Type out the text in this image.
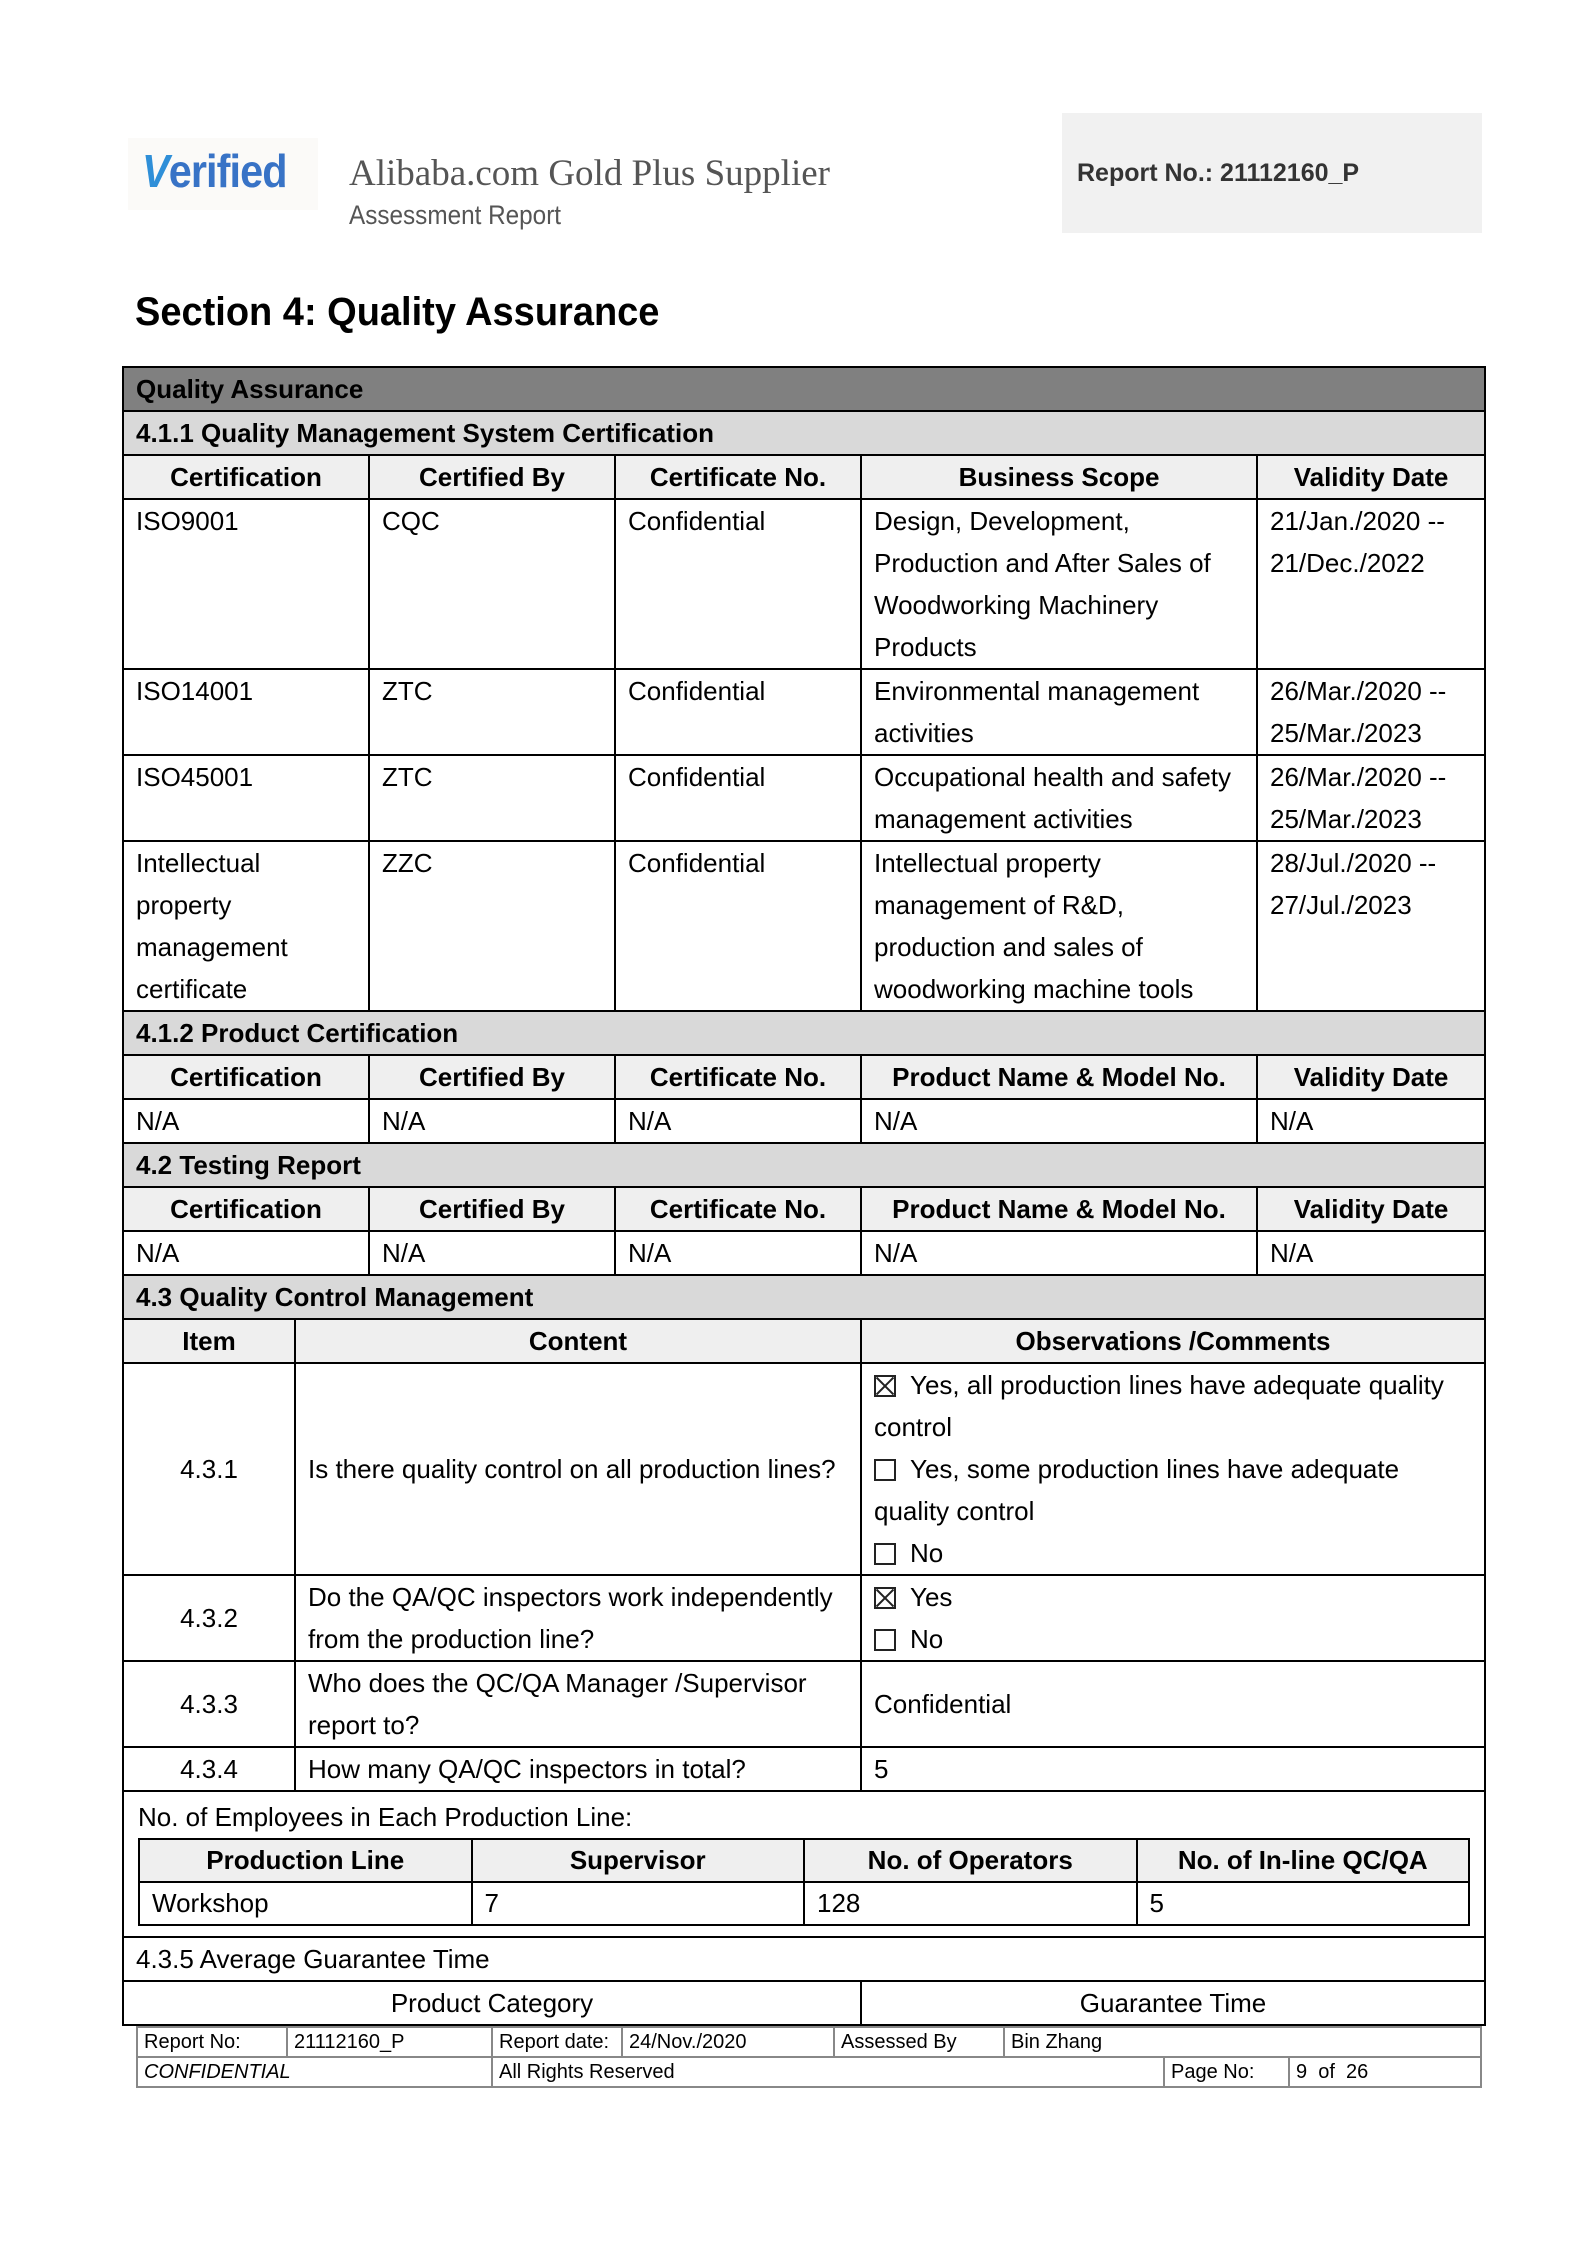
Verified Alibaba.com Gold Plus Supplier
Assessment Report
Report No.: 21112160_P
Section 4: Quality Assurance
Quality Assurance
4.1.1 Quality Management System Certification
Certification	Certified By	Certificate No.	Business Scope	Validity Date
ISO9001	CQC	Confidential	Design, Development, Production and After Sales of Woodworking Machinery Products	21/Jan./2020 -- 21/Dec./2022
ISO14001	ZTC	Confidential	Environmental management activities	26/Mar./2020 -- 25/Mar./2023
ISO45001	ZTC	Confidential	Occupational health and safety management activities	26/Mar./2020 -- 25/Mar./2023
Intellectual property management certificate	ZZC	Confidential	Intellectual property management of R&D, production and sales of woodworking machine tools	28/Jul./2020 -- 27/Jul./2023
4.1.2 Product Certification
Certification	Certified By	Certificate No.	Product Name & Model No.	Validity Date
N/A	N/A	N/A	N/A	N/A
4.2 Testing Report
Certification	Certified By	Certificate No.	Product Name & Model No.	Validity Date
N/A	N/A	N/A	N/A	N/A
4.3 Quality Control Management
Item	Content	Observations /Comments
4.3.1	Is there quality control on all production lines?	
Yes, all production lines have adequate quality control
Yes, some production lines have adequate quality control
No

4.3.2	Do the QA/QC inspectors work independently from the production line?	
Yes
No

4.3.3	Who does the QC/QA Manager /Supervisor report to?	Confidential
4.3.4	How many QA/QC inspectors in total?	5

No. of Employees in Each Production Line:
Production Line	Supervisor	No. of Operators	No. of In-line QC/QA
Workshop	7	128	5

4.3.5 Average Guarantee Time
Product Category	Guarantee Time
Report No:	21112160_P	Report date:	24/Nov./2020	Assessed By	Bin Zhang		
CONFIDENTIAL		All Rights Reserved				Page No:	9  of  26
